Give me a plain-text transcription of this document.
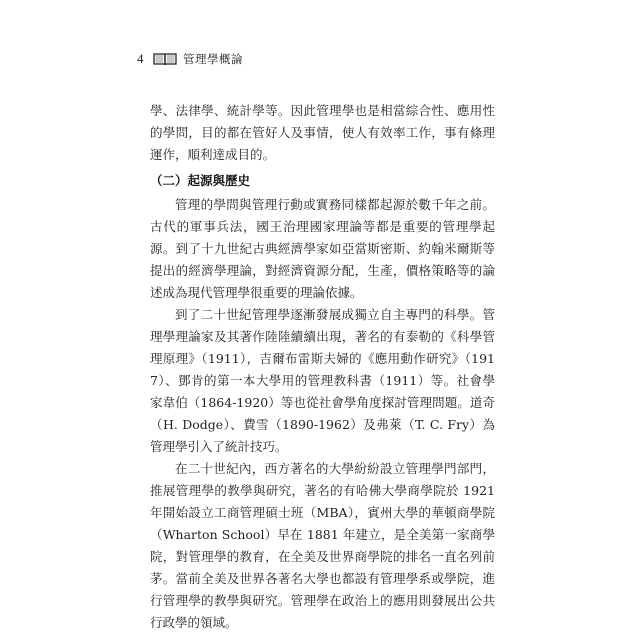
4	管理學概論

學、法律學、統計學等。因此管理學也是相當綜合性、應用性的學問，目的都在管好人及事情，使人有效率工作，事有條理運作，順利達成目的。

（二）起源與歷史

管理的學問與管理行動或實務同樣都起源於數千年之前。古代的軍事兵法，國王治理國家理論等都是重要的管理學起源。到了十九世紀古典經濟學家如亞當斯密斯、約翰米爾斯等提出的經濟學理論，對經濟資源分配，生產，價格策略等的論述成為現代管理學很重要的理論依據。

到了二十世紀管理學逐漸發展成獨立自主專門的科學。管理學理論家及其著作陸陸續續出現，著名的有泰勒的《科學管理原理》（1911），吉爾布雷斯夫婦的《應用動作研究》（1917）、鄧肯的第一本大學用的管理教科書（1911）等。社會學家韋伯（1864-1920）等也從社會學角度探討管理問題。道奇（H. Dodge）、費雪（1890-1962）及弗萊（T. C. Fry）為管理學引入了統計技巧。

在二十世紀內，西方著名的大學紛紛設立管理學門部門，推展管理學的教學與研究，著名的有哈佛大學商學院於 1921 年開始設立工商管理碩士班（MBA），賓州大學的華頓商學院（Wharton School）早在 1881 年建立，是全美第一家商學院，對管理學的教育，在全美及世界商學院的排名一直名列前茅。當前全美及世界各著名大學也都設有管理學系或學院，進行管理學的教學與研究。管理學在政治上的應用則發展出公共行政學的領域。
